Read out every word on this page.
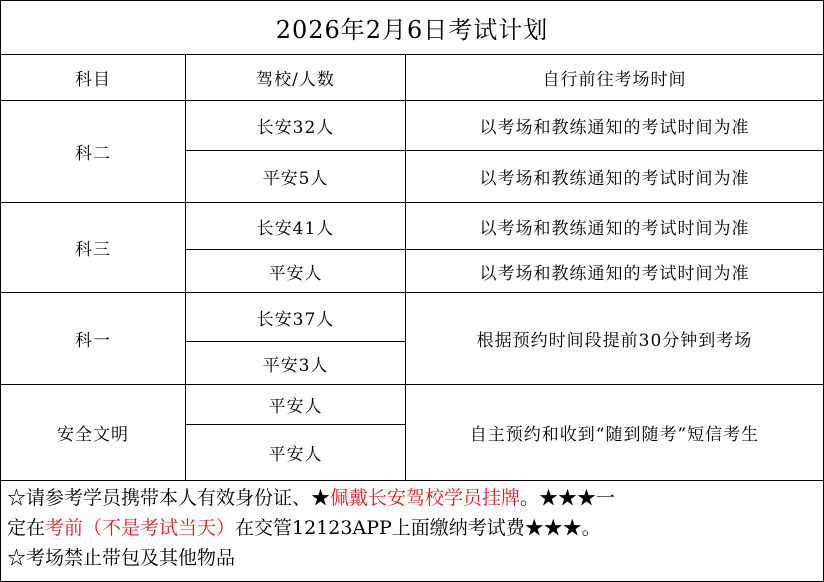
2026年2月6日考试计划
科目	驾校/人数	自行前往考场时间
科二
长安32人
平安5人
以考场和教练通知的考试时间为准
以考场和教练通知的考试时间为准
科三
长安41人
平安人
以考场和教练通知的考试时间为准
以考场和教练通知的考试时间为准
科一
长安37人
平安3人
根据预约时间段提前30分钟到考场
安全文明
平安人
平安人
自主预约和收到“随到随考”短信考生
☆请参考学员携带本人有效身份证、★佩戴长安驾校学员挂牌。★★★一
定在考前（不是考试当天）在交管12123APP上面缴纳考试费★★★。
☆考场禁止带包及其他物品
